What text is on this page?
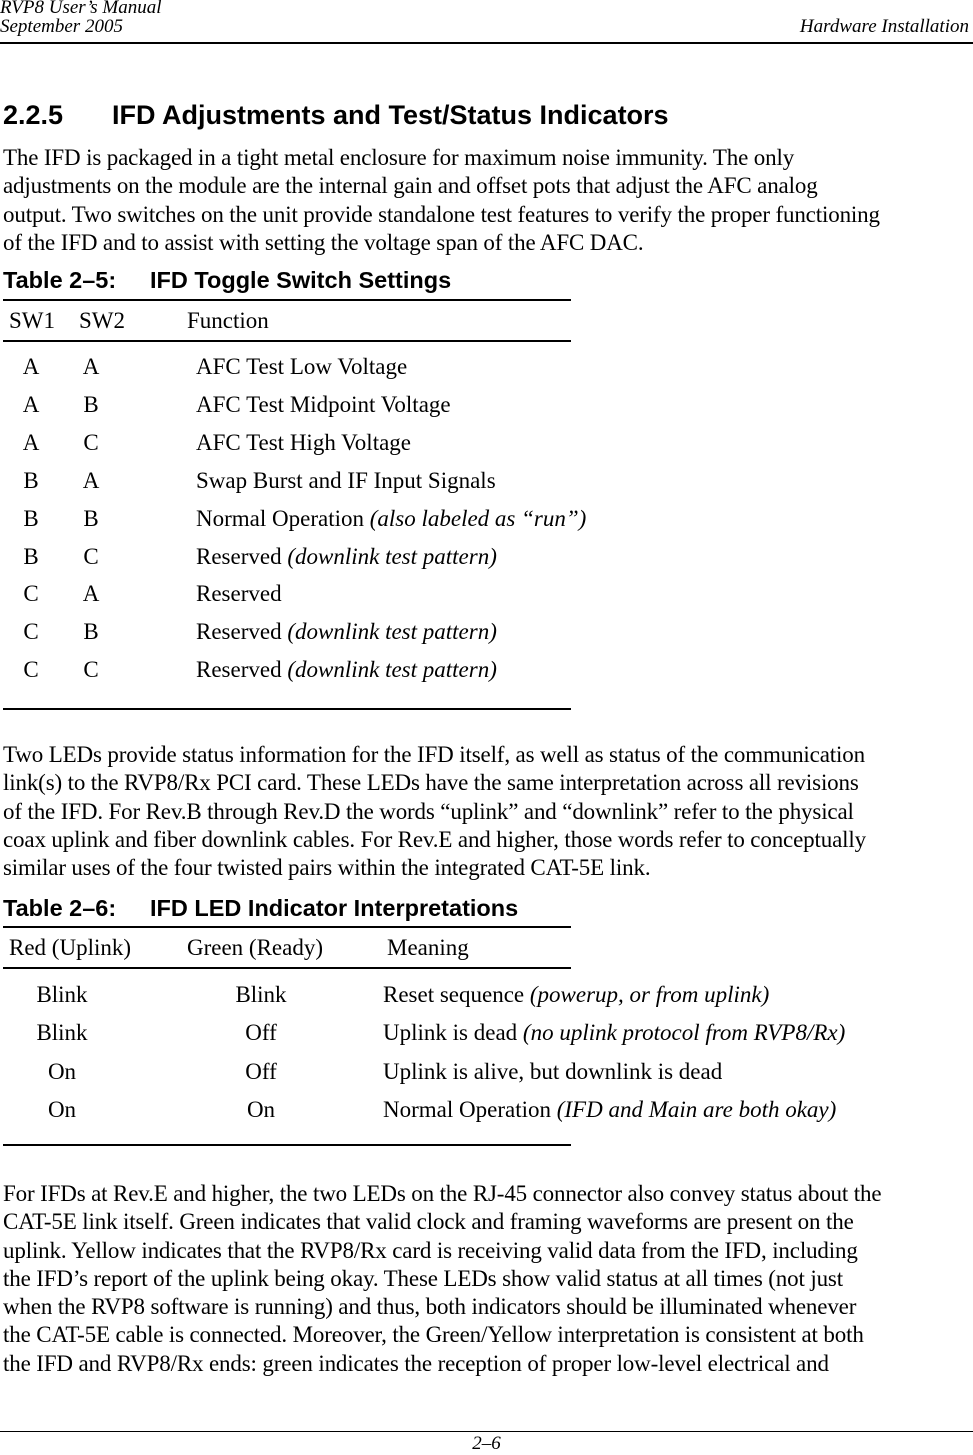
RVP8 User’s Manual
September 2005	Hardware Installation
2.2.5 IFD Adjustments and Test/Status Indicators
The IFD is packaged in a tight metal enclosure for maximum noise immunity. The only
adjustments on the module are the internal gain and offset pots that adjust the AFC analog
output. Two switches on the unit provide standalone test features to verify the proper functioning
of the IFD and to assist with setting the voltage span of the AFC DAC.
Table 2–5: IFD Toggle Switch Settings
SW1 SW2	Function
A	A	AFC Test Low Voltage
A	B	AFC Test Midpoint Voltage
A	C	AFC Test High Voltage
B	A	Swap Burst and IF Input Signals
B	B	Normal Operation (also labeled as “run”)
B	C	Reserved (downlink test pattern)
C	A	Reserved
C	B	Reserved (downlink test pattern)
C	C	Reserved (downlink test pattern)
Two LEDs provide status information for the IFD itself, as well as status of the communication
link(s) to the RVP8/Rx PCI card. These LEDs have the same interpretation across all revisions
of the IFD. For Rev.B through Rev.D the words “uplink” and “downlink” refer to the physical
coax uplink and fiber downlink cables. For Rev.E and higher, those words refer to conceptually
similar uses of the four twisted pairs within the integrated CAT-5E link.
Table 2–6: IFD LED Indicator Interpretations
Red (Uplink) Green (Ready)	Meaning
Blink	Blink	Reset sequence (powerup, or from uplink)
Blink	Off	Uplink is dead (no uplink protocol from RVP8/Rx)
On	Off	Uplink is alive, but downlink is dead
On	On	Normal Operation (IFD and Main are both okay)
For IFDs at Rev.E and higher, the two LEDs on the RJ-45 connector also convey status about the
CAT-5E link itself. Green indicates that valid clock and framing waveforms are present on the
uplink. Yellow indicates that the RVP8/Rx card is receiving valid data from the IFD, including
the IFD’s report of the uplink being okay. These LEDs show valid status at all times (not just
when the RVP8 software is running) and thus, both indicators should be illuminated whenever
the CAT-5E cable is connected. Moreover, the Green/Yellow interpretation is consistent at both
the IFD and RVP8/Rx ends: green indicates the reception of proper low-level electrical and
2–6
